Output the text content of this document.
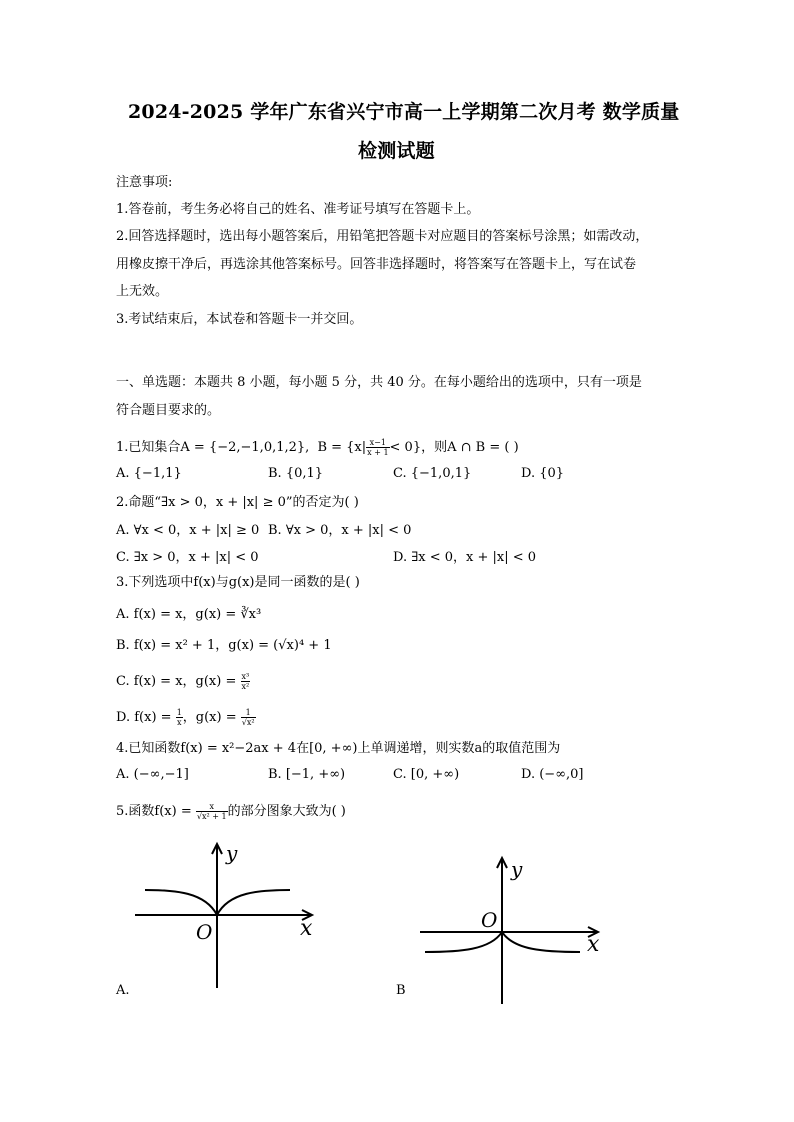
2024-2025 学年广东省兴宁市高一上学期第二次月考 数学质量
检测试题
注意事项:
1.答卷前，考生务必将自己的姓名、准考证号填写在答题卡上。
2.回答选择题时，选出每小题答案后，用铅笔把答题卡对应题目的答案标号涂黑；如需改动，
用橡皮擦干净后，再选涂其他答案标号。回答非选择题时，将答案写在答题卡上，写在试卷
上无效。
3.考试结束后，本试卷和答题卡一并交回。
一、单选题：本题共 8 小题，每小题 5 分，共 40 分。在每小题给出的选项中，只有一项是
符合题目要求的。
1.已知集合A = {−2,−1,0,1,2}, $B = \{x| \frac{x-1}{x + 1} < 0\}$，则A ∩ B = ( )
A. {−1,1}	B. {0,1}	C. {−1,0,1}	D. {0}
2.命题“∃x > 0，x + |x| ≥ 0”的否定为( )
A. ∀x < 0，x + |x| ≥ 0 B. ∀x > 0，x + |x| < 0
C. ∃x > 0，x + |x| < 0	D. ∃x < 0，x + |x| < 0
3.下列选项中f(x)与g(x)是同一函数的是( )
A. f(x) = x，g(x) = ∛x³
B. f(x) = x² + 1，g(x) = (√x)⁴ + 1
C. f(x) = x，$g(x) = \frac{\text{x³}}{\text{x²}}$
D. $f(x) = \frac{1}{x}$ ，$g(x) = \frac{1}{\text{√x²}}$
4.已知函数f(x) = x²−2ax + 4在[0, +∞)上单调递增，则实数a的取值范围为
A. (−∞,−1]	B. [−1, +∞)	C. [0, +∞)	D. (−∞,0]
5.函数$f(x) = \frac{x}{\text{√x² + 1}}$ 的部分图象大致为( )
y
x
O
A.
y
x
O
B
